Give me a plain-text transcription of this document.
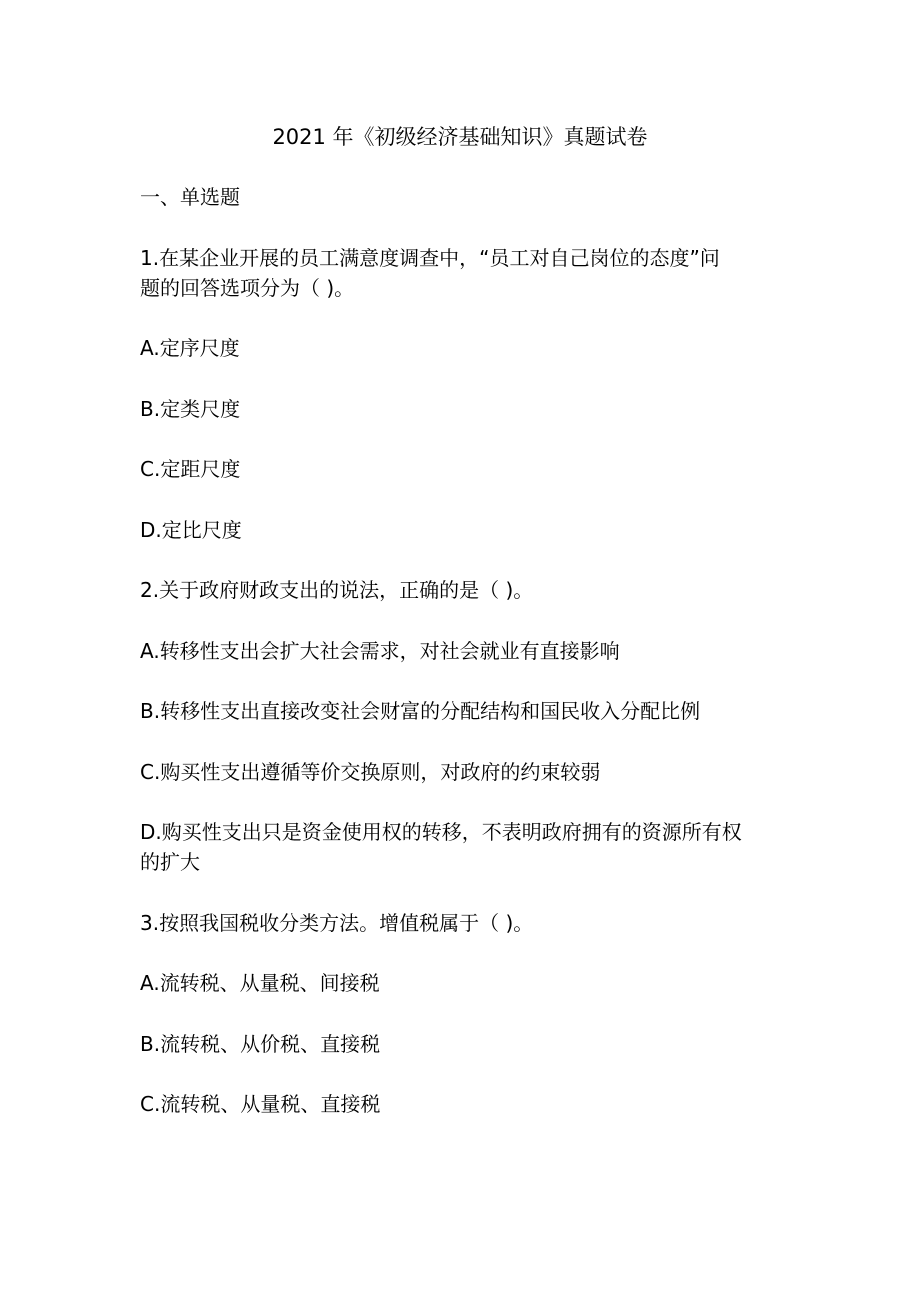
2021 年《初级经济基础知识》真题试卷

一、单选题

1.在某企业开展的员工满意度调查中，“员工对自己岗位的态度”问

题的回答选项分为（ )。

A.定序尺度

B.定类尺度

C.定距尺度

D.定比尺度

2.关于政府财政支出的说法，正确的是（ )。

A.转移性支出会扩大社会需求，对社会就业有直接影响

B.转移性支出直接改变社会财富的分配结构和国民收入分配比例

C.购买性支出遵循等价交换原则，对政府的约束较弱

D.购买性支出只是资金使用权的转移，不表明政府拥有的资源所有权

的扩大

3.按照我国税收分类方法。增值税属于（ )。

A.流转税、从量税、间接税

B.流转税、从价税、直接税

C.流转税、从量税、直接税
